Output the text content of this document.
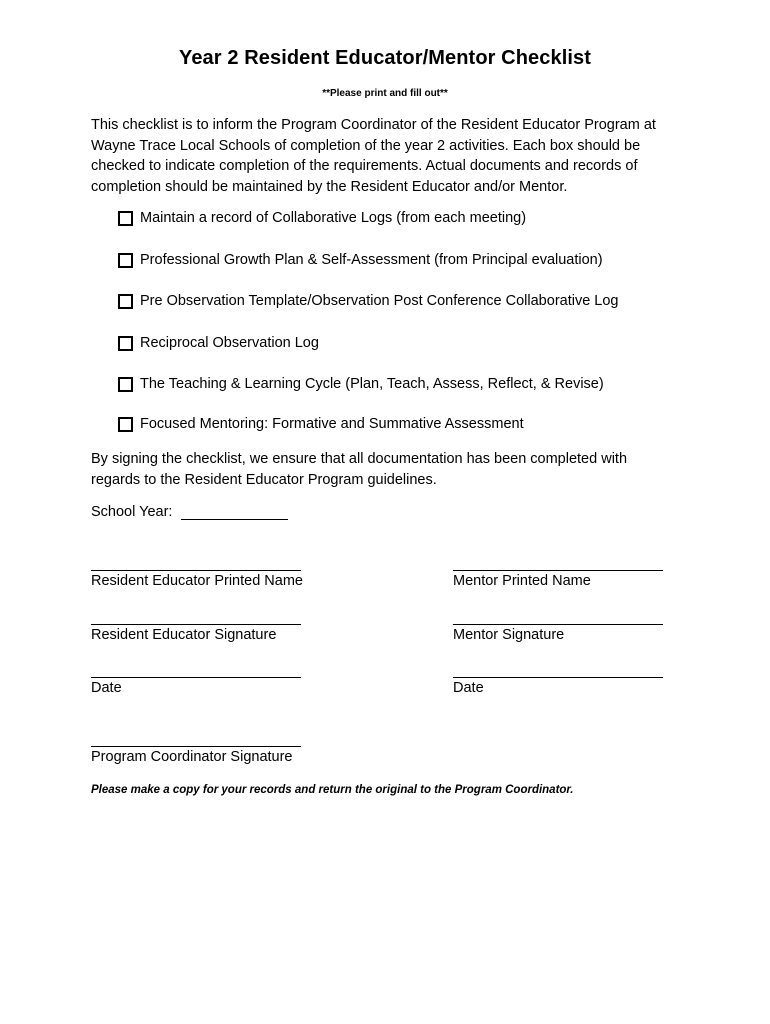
Year 2 Resident Educator/Mentor Checklist
**Please print and fill out**
This checklist is to inform the Program Coordinator of the Resident Educator Program at
Wayne Trace Local Schools of completion of the year 2 activities. Each box should be
checked to indicate completion of the requirements. Actual documents and records of
completion should be maintained by the Resident Educator and/or Mentor.
Maintain a record of Collaborative Logs (from each meeting)
Professional Growth Plan & Self-Assessment (from Principal evaluation)
Pre Observation Template/Observation Post Conference Collaborative Log
Reciprocal Observation Log
The Teaching & Learning Cycle (Plan, Teach, Assess, Reflect, & Revise)
Focused Mentoring: Formative and Summative Assessment
By signing the checklist, we ensure that all documentation has been completed with
regards to the Resident Educator Program guidelines.
School Year:
Resident Educator Printed Name	Mentor Printed Name
Resident Educator Signature	Mentor Signature
Date	Date
Program Coordinator Signature
Please make a copy for your records and return the original to the Program Coordinator.
